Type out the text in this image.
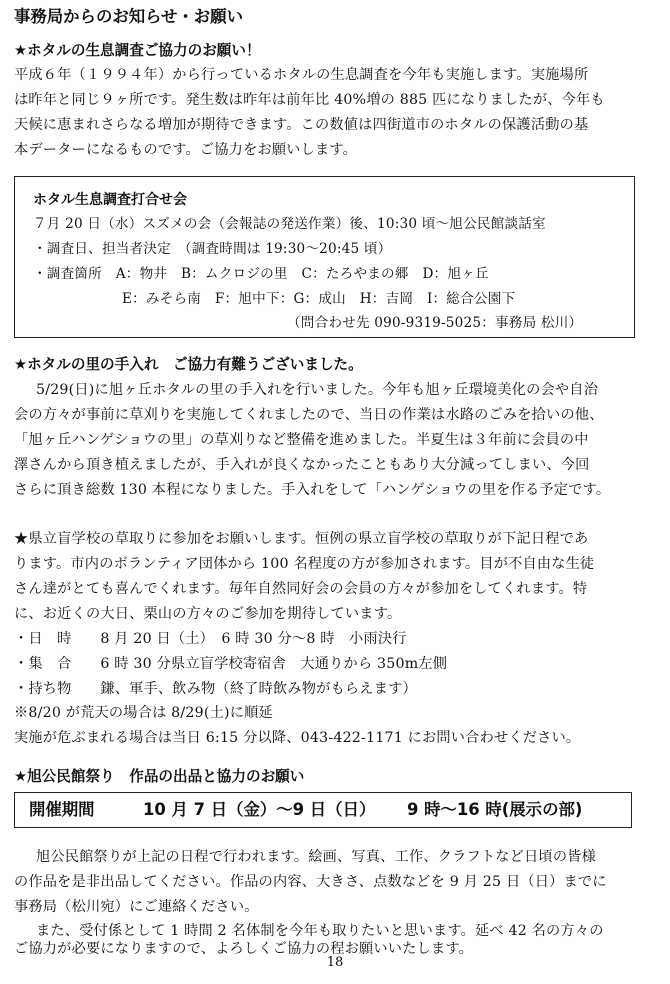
事務局からのお知らせ・お願い
★ホタルの生息調査ご協力のお願い！
平成６年（１９９４年）から行っているホタルの生息調査を今年も実施します。実施場所
は昨年と同じ９ヶ所です。発生数は昨年は前年比 40%増の 885 匹になりましたが、今年も
天候に恵まれさらなる増加が期待できます。この数値は四街道市のホタルの保護活動の基
本データーになるものです。ご協力をお願いします。
ホタル生息調査打合せ会
７月 20 日（水）スズメの会（会報誌の発送作業）後、10:30 頃～旭公民館談話室
・調査日、担当者決定　（調査時間は 19:30～20:45 頃）
・調査箇所　A：物井　B：ムクロジの里　C：たろやまの郷　D：旭ヶ丘
E：みそら南　F：旭中下：G：成山　H：吉岡　I：総合公園下
（問合わせ先 090-9319-5025：事務局 松川）
★ホタルの里の手入れ　ご協力有難うございました。
5/29(日)に旭ヶ丘ホタルの里の手入れを行いました。今年も旭ヶ丘環境美化の会や自治
会の方々が事前に草刈りを実施してくれましたので、当日の作業は水路のごみを拾いの他、
「旭ヶ丘ハンゲショウの里」の草刈りなど整備を進めました。半夏生は３年前に会員の中
澤さんから頂き植えましたが、手入れが良くなかったこともあり大分減ってしまい、今回
さらに頂き総数 130 本程になりました。手入れをして「ハンゲショウの里を作る予定です。
★県立盲学校の草取りに参加をお願いします。恒例の県立盲学校の草取りが下記日程であ
ります。市内のボランティア団体から 100 名程度の方が参加されます。目が不自由な生徒
さん達がとても喜んでくれます。毎年自然同好会の会員の方々が参加をしてくれます。特
に、お近くの大日、栗山の方々のご参加を期待しています。
・日　時　　8 月 20 日（土）　6 時 30 分～8 時　小雨決行
・集　合　　6 時 30 分県立盲学校寄宿舎　大通りから 350m左側
・持ち物　　鎌、軍手、飲み物（終了時飲み物がもらえます）
※8/20 が荒天の場合は 8/29(土)に順延
実施が危ぶまれる場合は当日 6:15 分以降、043-422-1171 にお問い合わせください。
★旭公民館祭り　作品の出品と協力のお願い
開催期間	10 月 7 日（金）～9 日（日） 9 時～16 時(展示の部)
旭公民館祭りが上記の日程で行われます。絵画、写真、工作、クラフトなど日頃の皆様
の作品を是非出品してください。作品の内容、大きさ、点数などを 9 月 25 日（日）までに
事務局（松川宛）にご連絡ください。
また、受付係として 1 時間 2 名体制を今年も取りたいと思います。延べ 42 名の方々の
ご協力が必要になりますので、よろしくご協力の程お願いいたします。
18
